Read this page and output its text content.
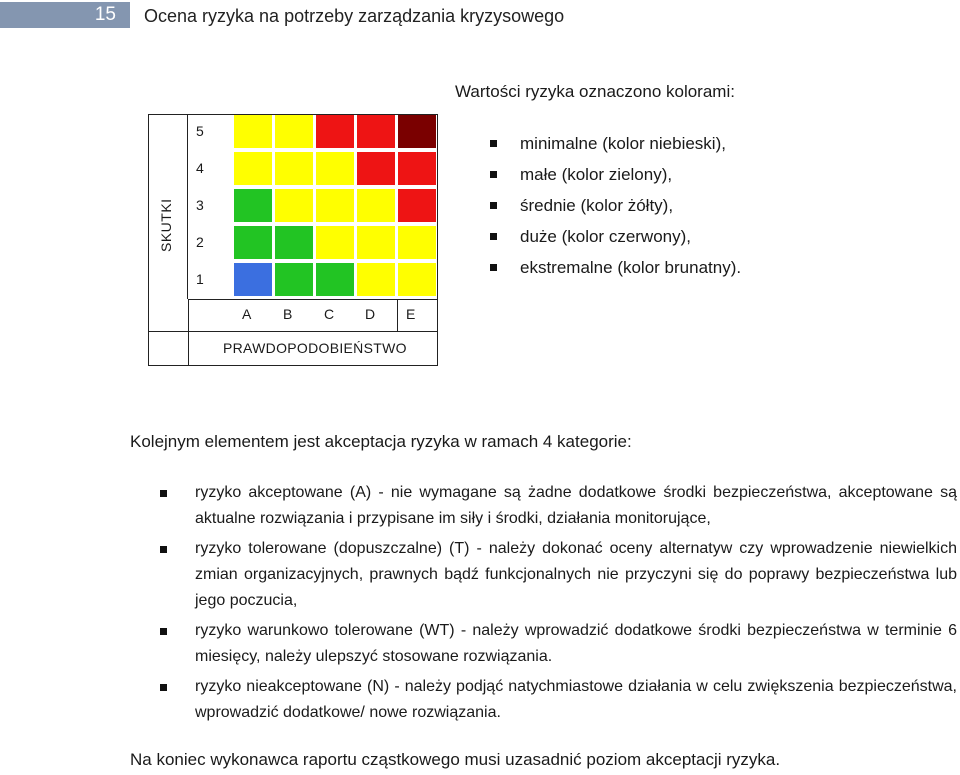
15	Ocena ryzyka na potrzeby zarządzania kryzysowego
Wartości ryzyka oznaczono kolorami:
minimalne (kolor niebieski),
małe (kolor zielony),
średnie (kolor żółty),
duże (kolor czerwony),
ekstremalne (kolor brunatny).
SKUTKI
PRAWDOPODOBIEŃSTWO
5
4
3
2
1
A B C D E
Kolejnym elementem jest akceptacja ryzyka w ramach 4 kategorie:
ryzyko akceptowane (A) - nie wymagane są żadne dodatkowe środki bezpieczeństwa, akceptowane są aktualne rozwiązania i przypisane im siły i środki, działania monitorujące,
ryzyko tolerowane (dopuszczalne) (T) - należy dokonać oceny alternatyw czy wprowadzenie niewielkich zmian organizacyjnych, prawnych bądź funkcjonalnych nie przyczyni się do poprawy bezpieczeństwa lub jego poczucia,
ryzyko warunkowo tolerowane (WT) - należy wprowadzić dodatkowe środki bezpieczeństwa w terminie 6 miesięcy, należy ulepszyć stosowane rozwiązania.
ryzyko nieakceptowane (N) - należy podjąć natychmiastowe działania w celu zwiększenia bezpieczeństwa, wprowadzić dodatkowe/ nowe rozwiązania.
Na koniec wykonawca raportu cząstkowego musi uzasadnić poziom akceptacji ryzyka.
